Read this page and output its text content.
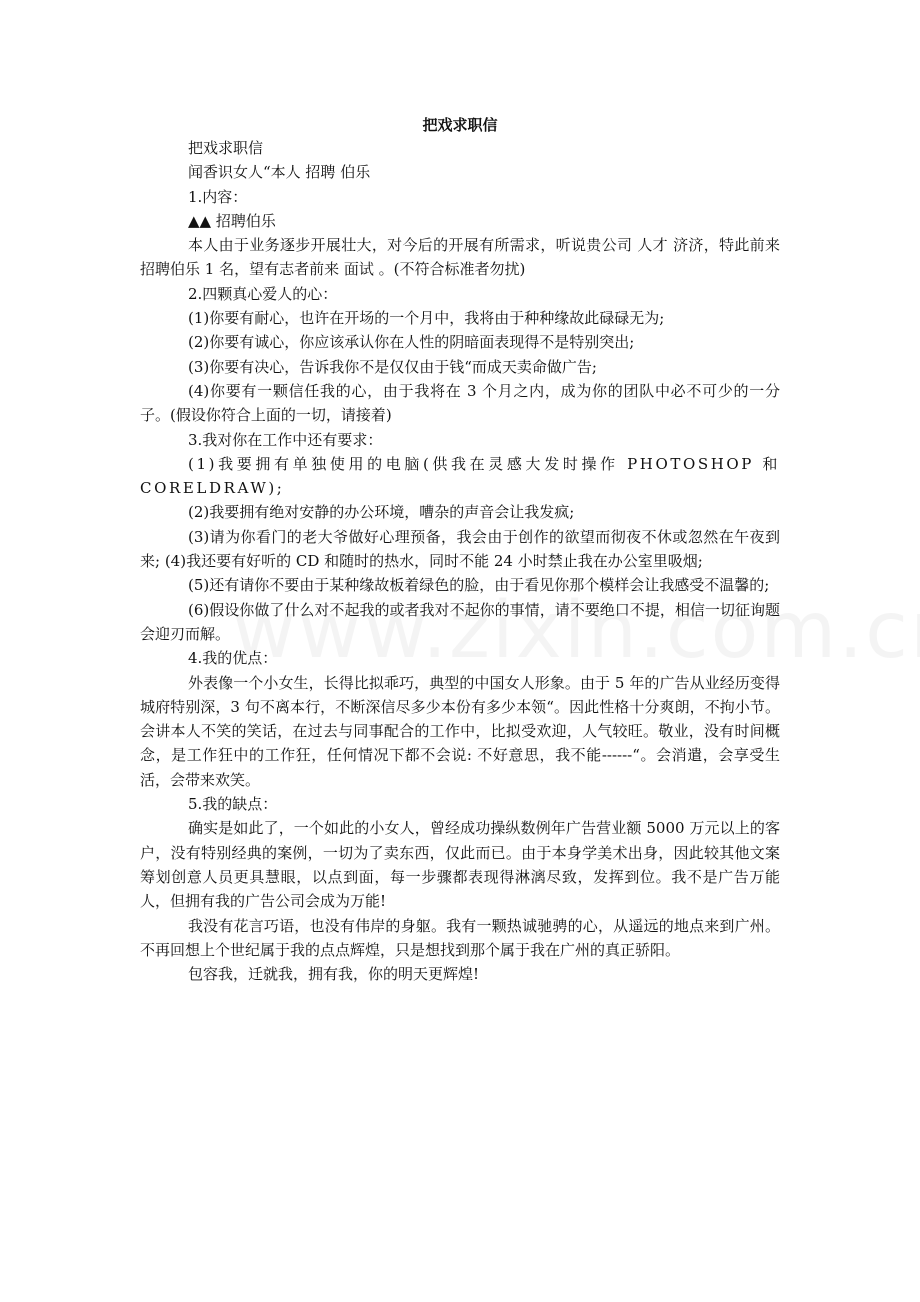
把戏求职信

把戏求职信

闻香识女人“本人 招聘 伯乐

1.内容：

▲▲ 招聘伯乐

本人由于业务逐步开展壮大，对今后的开展有所需求，听说贵公司 人才 济济，特此前来招聘伯乐 1 名，望有志者前来 面试 。(不符合标准者勿扰)

2.四颗真心爱人的心：

(1)你要有耐心，也许在开场的一个月中，我将由于种种缘故此碌碌无为;

(2)你要有诚心，你应该承认你在人性的阴暗面表现得不是特别突出;

(3)你要有决心，告诉我你不是仅仅由于钱“而成天卖命做广告;

(4)你要有一颗信任我的心，由于我将在 3 个月之内，成为你的团队中必不可少的一分子。(假设你符合上面的一切，请接着)

3.我对你在工作中还有要求：

(1)我要拥有单独使用的电脑(供我在灵感大发时操作 PHOTOSHOP 和 CORELDRAW);

(2)我要拥有绝对安静的办公环境，嘈杂的声音会让我发疯;

(3)请为你看门的老大爷做好心理预备，我会由于创作的欲望而彻夜不休或忽然在午夜到来; (4)我还要有好听的 CD 和随时的热水，同时不能 24 小时禁止我在办公室里吸烟;

(5)还有请你不要由于某种缘故板着绿色的脸，由于看见你那个模样会让我感受不温馨的;

(6)假设你做了什么对不起我的或者我对不起你的事情，请不要绝口不提，相信一切征询题会迎刃而解。

4.我的优点：

外表像一个小女生，长得比拟乖巧，典型的中国女人形象。由于 5 年的广告从业经历变得城府特别深，3 句不离本行，不断深信尽多少本份有多少本领“。因此性格十分爽朗，不拘小节。会讲本人不笑的笑话，在过去与同事配合的工作中，比拟受欢迎，人气较旺。敬业，没有时间概念，是工作狂中的工作狂，任何情况下都不会说: 不好意思，我不能------“。会消遣，会享受生活，会带来欢笑。

5.我的缺点：

确实是如此了，一个如此的小女人，曾经成功操纵数例年广告营业额 5000 万元以上的客户，没有特别经典的案例，一切为了卖东西，仅此而已。由于本身学美术出身，因此较其他文案筹划创意人员更具慧眼，以点到面，每一步骤都表现得淋漓尽致，发挥到位。我不是广告万能人，但拥有我的广告公司会成为万能!

我没有花言巧语，也没有伟岸的身躯。我有一颗热诚驰骋的心，从遥远的地点来到广州。不再回想上个世纪属于我的点点辉煌，只是想找到那个属于我在广州的真正骄阳。

包容我，迁就我，拥有我，你的明天更辉煌!
